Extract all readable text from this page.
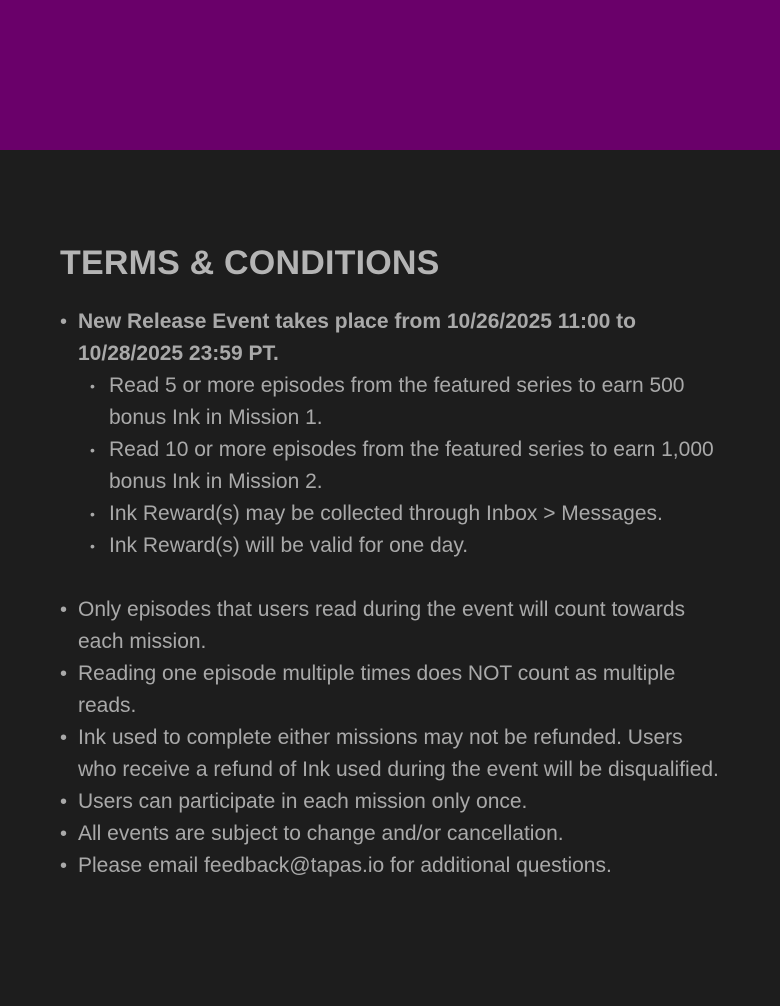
TERMS & CONDITIONS
• New Release Event takes place from 10/26/2025 11:00 to 10/28/2025 23:59 PT.
• Read 5 or more episodes from the featured series to earn 500 bonus Ink in Mission 1.
• Read 10 or more episodes from the featured series to earn 1,000 bonus Ink in Mission 2.
• Ink Reward(s) may be collected through Inbox > Messages.
• Ink Reward(s) will be valid for one day.
• Only episodes that users read during the event will count towards each mission.
• Reading one episode multiple times does NOT count as multiple reads.
• Ink used to complete either missions may not be refunded. Users who receive a refund of Ink used during the event will be disqualified.
• Users can participate in each mission only once.
• All events are subject to change and/or cancellation.
• Please email feedback@tapas.io for additional questions.
